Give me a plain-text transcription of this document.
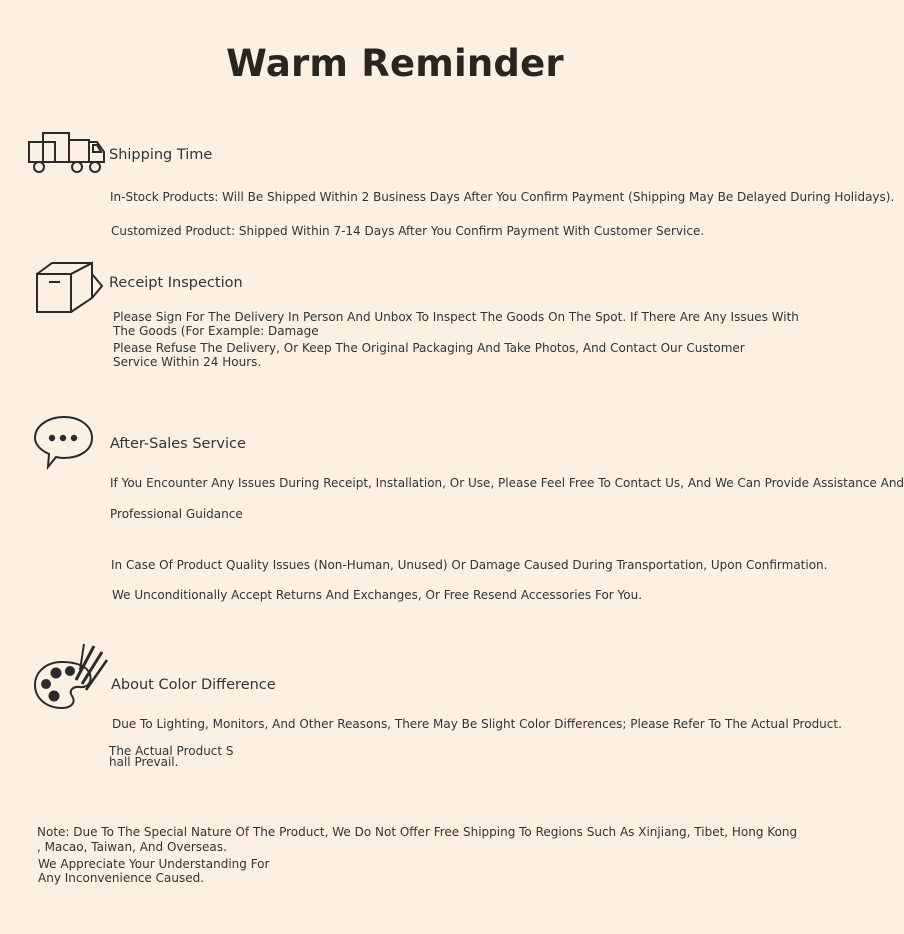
Warm Reminder
Shipping Time
In-Stock Products: Will Be Shipped Within 2 Business Days After You Confirm Payment (Shipping May Be Delayed During Holidays).
Customized Product: Shipped Within 7-14 Days After You Confirm Payment With Customer Service.
Receipt Inspection
Please Sign For The Delivery In Person And Unbox To Inspect The Goods On The Spot. If There Are Any Issues With
The Goods (For Example: Damage
Please Refuse The Delivery, Or Keep The Original Packaging And Take Photos, And Contact Our Customer
Service Within 24 Hours.
After-Sales Service
If You Encounter Any Issues During Receipt, Installation, Or Use, Please Feel Free To Contact Us, And We Can Provide Assistance And
Professional Guidance
In Case Of Product Quality Issues (Non-Human, Unused) Or Damage Caused During Transportation, Upon Confirmation.
We Unconditionally Accept Returns And Exchanges, Or Free Resend Accessories For You.
About Color Difference
Due To Lighting, Monitors, And Other Reasons, There May Be Slight Color Differences; Please Refer To The Actual Product.
The Actual Product S
hall Prevail.
Note: Due To The Special Nature Of The Product, We Do Not Offer Free Shipping To Regions Such As Xinjiang, Tibet, Hong Kong
, Macao, Taiwan, And Overseas.
We Appreciate Your Understanding For
Any Inconvenience Caused.
